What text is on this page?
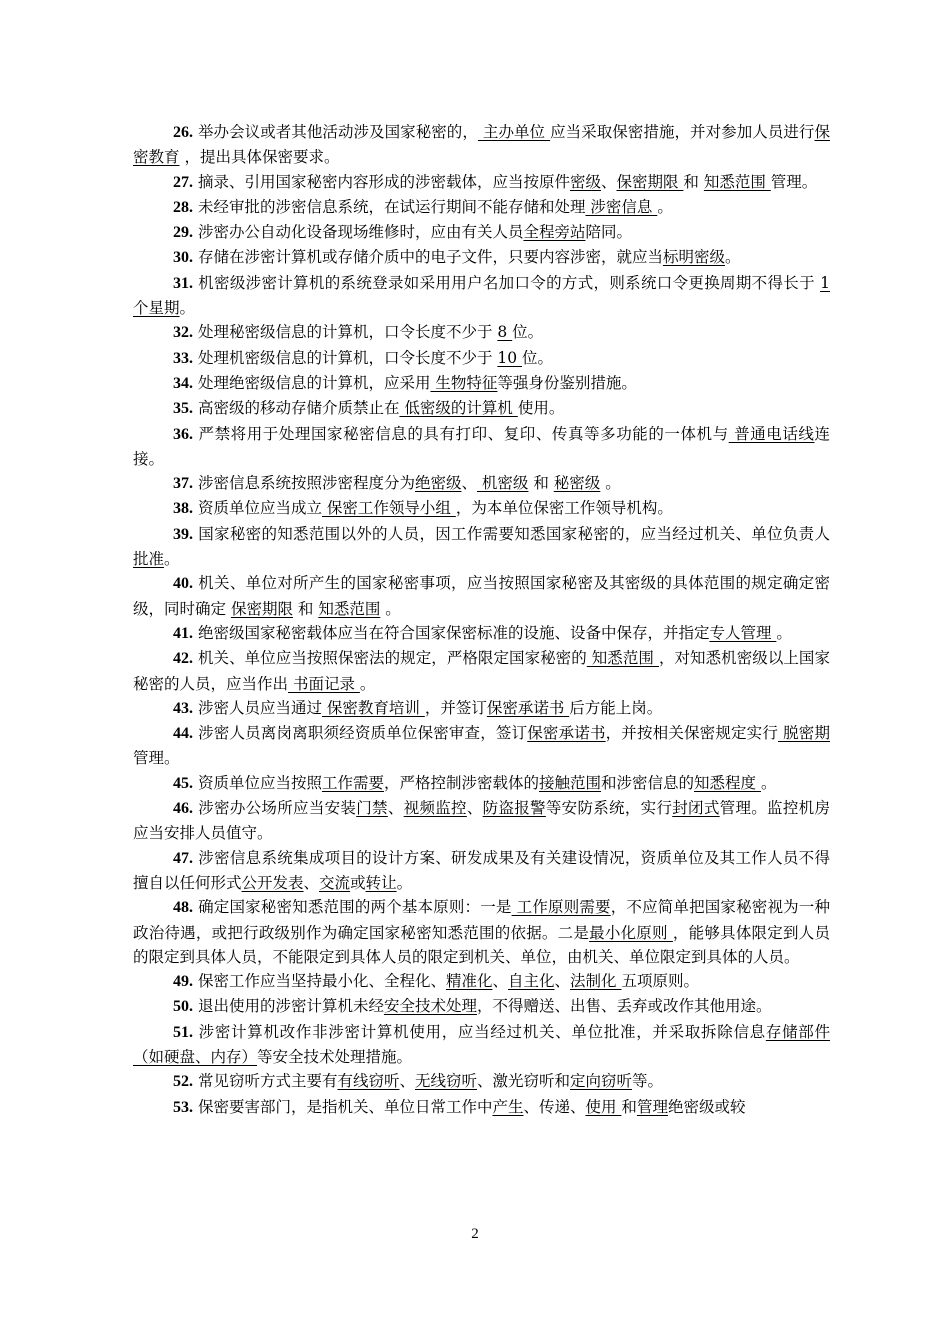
26. 举办会议或者其他活动涉及国家秘密的， 主办单位 应当采取保密措施，并对参加人员进行保密教育 ，提出具体保密要求。

27. 摘录、引用国家秘密内容形成的涉密载体，应当按原件密级、保密期限 和 知悉范围 管理。

28. 未经审批的涉密信息系统，在试运行期间不能存储和处理 涉密信息 。

29. 涉密办公自动化设备现场维修时，应由有关人员全程旁站陪同。

30. 存储在涉密计算机或存储介质中的电子文件，只要内容涉密，就应当标明密级。

31. 机密级涉密计算机的系统登录如采用用户名加口令的方式，则系统口令更换周期不得长于 1 个星期。

32. 处理秘密级信息的计算机，口令长度不少于 8 位。

33. 处理机密级信息的计算机，口令长度不少于 10 位。

34. 处理绝密级信息的计算机，应采用 生物特征等强身份鉴别措施。

35. 高密级的移动存储介质禁止在 低密级的计算机 使用。

36. 严禁将用于处理国家秘密信息的具有打印、复印、传真等多功能的一体机与 普通电话线连接。

37. 涉密信息系统按照涉密程度分为绝密级、 机密级 和 秘密级 。

38. 资质单位应当成立 保密工作领导小组 ，为本单位保密工作领导机构。

39. 国家秘密的知悉范围以外的人员，因工作需要知悉国家秘密的，应当经过机关、单位负责人批准。

40. 机关、单位对所产生的国家秘密事项，应当按照国家秘密及其密级的具体范围的规定确定密级，同时确定 保密期限 和 知悉范围 。

41. 绝密级国家秘密载体应当在符合国家保密标准的设施、设备中保存，并指定专人管理 。

42. 机关、单位应当按照保密法的规定，严格限定国家秘密的 知悉范围 ，对知悉机密级以上国家秘密的人员，应当作出 书面记录 。

43. 涉密人员应当通过 保密教育培训 ，并签订保密承诺书 后方能上岗。

44. 涉密人员离岗离职须经资质单位保密审查，签订保密承诺书，并按相关保密规定实行 脱密期 管理。

45. 资质单位应当按照工作需要，严格控制涉密载体的接触范围和涉密信息的知悉程度 。

46. 涉密办公场所应当安装门禁、视频监控、防盗报警等安防系统，实行封闭式管理。监控机房应当安排人员值守。

47. 涉密信息系统集成项目的设计方案、研发成果及有关建设情况，资质单位及其工作人员不得擅自以任何形式公开发表、交流或转让。

48. 确定国家秘密知悉范围的两个基本原则：一是 工作原则需要，不应简单把国家秘密视为一种政治待遇，或把行政级别作为确定国家秘密知悉范围的依据。二是最小化原则 ，能够具体限定到人员的限定到具体人员，不能限定到具体人员的限定到机关、单位，由机关、单位限定到具体的人员。

49. 保密工作应当坚持最小化、全程化、精准化、自主化、法制化 五项原则。

50. 退出使用的涉密计算机未经安全技术处理，不得赠送、出售、丢弃或改作其他用途。

51. 涉密计算机改作非涉密计算机使用，应当经过机关、单位批准，并采取拆除信息存储部件（如硬盘、内存）等安全技术处理措施。

52. 常见窃听方式主要有有线窃听、无线窃听、激光窃听和定向窃听等。

53. 保密要害部门，是指机关、单位日常工作中产生、传递、使用 和管理绝密级或较

2
